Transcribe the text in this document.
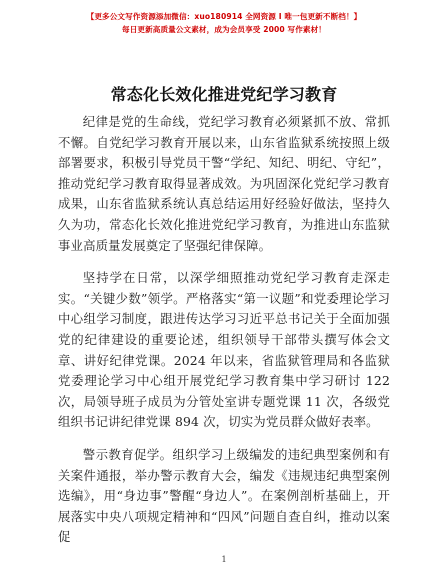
【更多公文写作资源添加微信：xuo180914 全网资源 I 唯一包更新不断档！】
每日更新高质量公文素材，成为会员享受 2000 写作素材！
常态化长效化推进党纪学习教育

纪律是党的生命线，党纪学习教育必须紧抓不放、常抓不懈。自党纪学习教育开展以来，山东省监狱系统按照上级部署要求，积极引导党员干警“学纪、知纪、明纪、守纪”，推动党纪学习教育取得显著成效。为巩固深化党纪学习教育成果，山东省监狱系统认真总结运用好经验好做法，坚持久久为功，常态化长效化推进党纪学习教育，为推进山东监狱事业高质量发展奠定了坚强纪律保障。

坚持学在日常，以深学细照推动党纪学习教育走深走实。“关键少数”领学。严格落实“第一议题”和党委理论学习中心组学习制度，跟进传达学习习近平总书记关于全面加强党的纪律建设的重要论述，组织领导干部带头撰写体会文章、讲好纪律党课。2024 年以来，省监狱管理局和各监狱党委理论学习中心组开展党纪学习教育集中学习研讨 122 次，局领导班子成员为分管处室讲专题党课 11 次，各级党组织书记讲纪律党课 894 次，切实为党员群众做好表率。

警示教育促学。组织学习上级编发的违纪典型案例和有关案件通报，举办警示教育大会，编发《违规违纪典型案例选编》，用“身边事”警醒“身边人”。在案例剖析基础上，开展落实中央八项规定精神和“四风”问题自查自纠，推动以案促

1
